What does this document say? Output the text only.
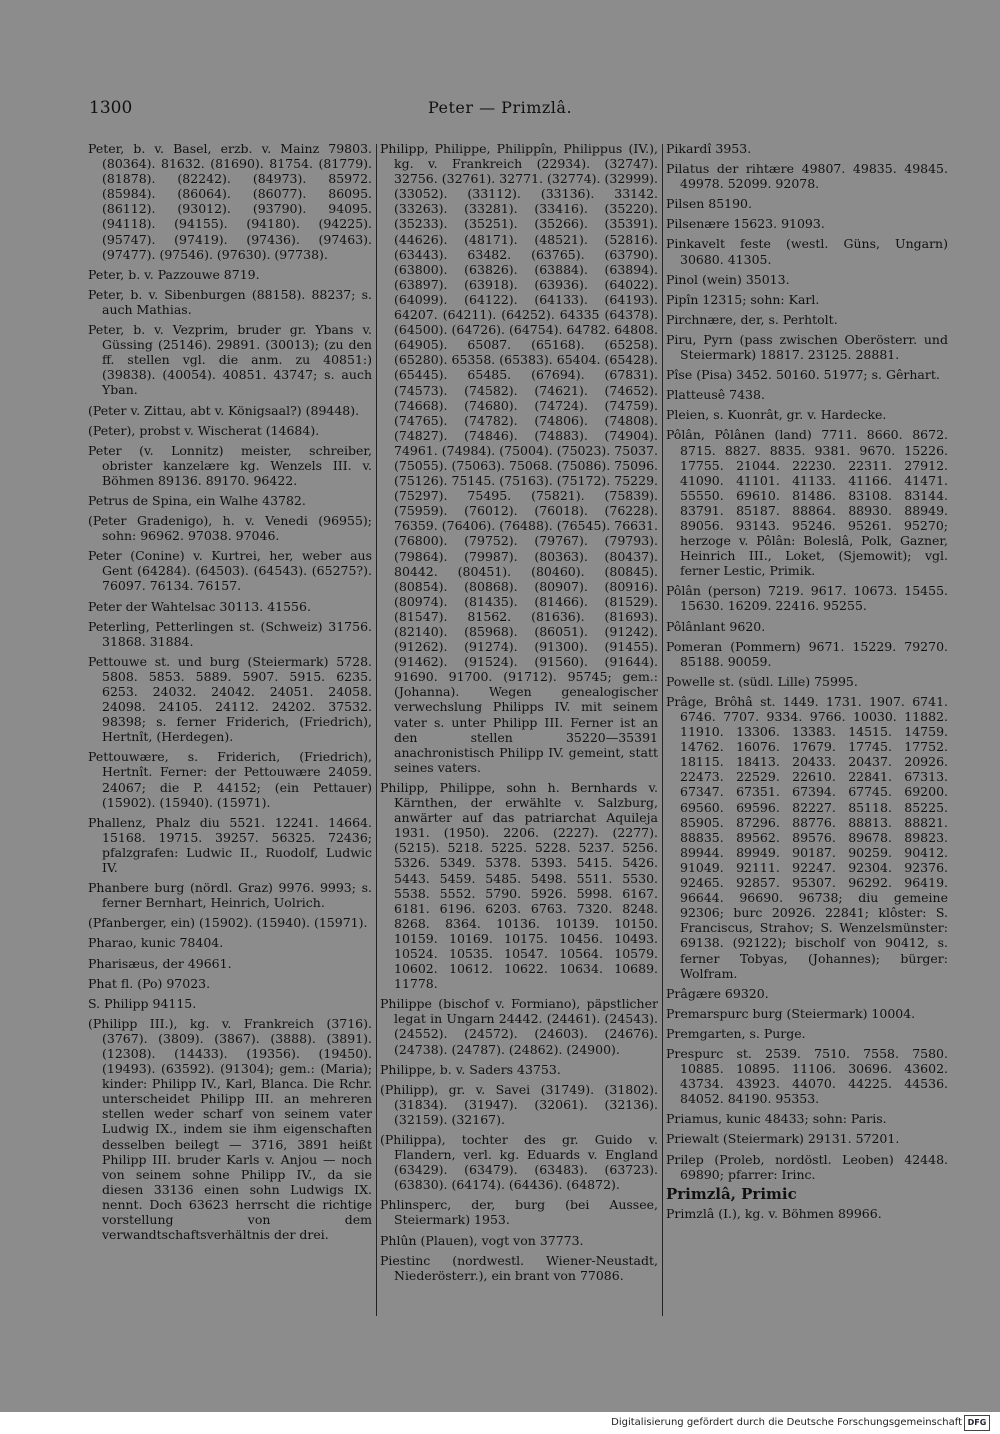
1300	Peter — Primzlâ.
Peter, b. v. Basel, erzb. v. Mainz 79803. (80364). 81632. (81690). 81754. (81779). (81878). (82242). (84973). 85972. (85984). (86064). (86077). 86095. (86112). (93012). (93790). 94095. (94118). (94155). (94180). (94225). (95747). (97419). (97436). (97463). (97477). (97546). (97630). (97738).
Peter, b. v. Pazzouwe 8719.
Peter, b. v. Sibenburgen (88158). 88237; s. auch Mathias.
Peter, b. v. Vezprim, bruder gr. Ybans v. Güssing (25146). 29891. (30013); (zu den ff. stellen vgl. die anm. zu 40851:) (39838). (40054). 40851. 43747; s. auch Yban.
(Peter v. Zittau, abt v. Königsaal?) (89448).
(Peter), probst v. Wischerat (14684).
Peter (v. Lonnitz) meister, schreiber, obrister kanzelære kg. Wenzels III. v. Böhmen 89136. 89170. 96422.
Petrus de Spina, ein Walhe 43782.
(Peter Gradenigo), h. v. Venedi (96955); sohn: 96962. 97038. 97046.
Peter (Conine) v. Kurtrei, her, weber aus Gent (64284). (64503). (64543). (65275?). 76097. 76134. 76157.
Peter der Wahtelsac 30113. 41556.
Peterling, Petterlingen st. (Schweiz) 31756. 31868. 31884.
Pettouwe st. und burg (Steiermark) 5728. 5808. 5853. 5889. 5907. 5915. 6235. 6253. 24032. 24042. 24051. 24058. 24098. 24105. 24112. 24202. 37532. 98398; s. ferner Friderich, (Friedrich), Hertnît, (Herdegen).
Pettouwære, s. Friderich, (Friedrich), Hertnît. Ferner: der Pettouwære 24059. 24067; die P. 44152; (ein Pettauer) (15902). (15940). (15971).
Phallenz, Phalz diu 5521. 12241. 14664. 15168. 19715. 39257. 56325. 72436; pfalzgrafen: Ludwic II., Ruodolf, Ludwic IV.
Phanbere burg (nördl. Graz) 9976. 9993; s. ferner Bernhart, Heinrich, Uolrich.
(Pfanberger, ein) (15902). (15940). (15971).
Pharao, kunic 78404.
Pharisæus, der 49661.
Phat fl. (Po) 97023.
S. Philipp 94115.
(Philipp III.), kg. v. Frankreich (3716). (3767). (3809). (3867). (3888). (3891). (12308). (14433). (19356). (19450). (19493). (63592). (91304); gem.: (Maria); kinder: Philipp IV., Karl, Blanca. Die Rchr. unterscheidet Philipp III. an mehreren stellen weder scharf von seinem vater Ludwig IX., indem sie ihm eigenschaften desselben beilegt — 3716, 3891 heißt Philipp III. bruder Karls v. Anjou — noch von seinem sohne Philipp IV., da sie diesen 33136 einen sohn Ludwigs IX. nennt. Doch 63623 herrscht die richtige vorstellung von dem verwandtschaftsverhältnis der drei.
Philipp, Philippe, Philippîn, Philippus (IV.), kg. v. Frankreich (22934). (32747). 32756. (32761). 32771. (32774). (32999). (33052). (33112). (33136). 33142. (33263). (33281). (33416). (35220). (35233). (35251). (35266). (35391). (44626). (48171). (48521). (52816). (63443). 63482. (63765). (63790). (63800). (63826). (63884). (63894). (63897). (63918). (63936). (64022). (64099). (64122). (64133). (64193). 64207. (64211). (64252). 64335 (64378). (64500). (64726). (64754). 64782. 64808. (64905). 65087. (65168). (65258). (65280). 65358. (65383). 65404. (65428). (65445). 65485. (67694). (67831). (74573). (74582). (74621). (74652). (74668). (74680). (74724). (74759). (74765). (74782). (74806). (74808). (74827). (74846). (74883). (74904). 74961. (74984). (75004). (75023). 75037. (75055). (75063). 75068. (75086). 75096. (75126). 75145. (75163). (75172). 75229. (75297). 75495. (75821). (75839). (75959). (76012). (76018). (76228). 76359. (76406). (76488). (76545). 76631. (76800). (79752). (79767). (79793). (79864). (79987). (80363). (80437). 80442. (80451). (80460). (80845). (80854). (80868). (80907). (80916). (80974). (81435). (81466). (81529). (81547). 81562. (81636). (81693). (82140). (85968). (86051). (91242). (91262). (91274). (91300). (91455). (91462). (91524). (91560). (91644). 91690. 91700. (91712). 95745; gem.: (Johanna). Wegen genealogischer verwechslung Philipps IV. mit seinem vater s. unter Philipp III. Ferner ist an den stellen 35220—35391 anachronistisch Philipp IV. gemeint, statt seines vaters.
Philipp, Philippe, sohn h. Bernhards v. Kärnthen, der erwählte v. Salzburg, anwärter auf das patriarchat Aquileja 1931. (1950). 2206. (2227). (2277). (5215). 5218. 5225. 5228. 5237. 5256. 5326. 5349. 5378. 5393. 5415. 5426. 5443. 5459. 5485. 5498. 5511. 5530. 5538. 5552. 5790. 5926. 5998. 6167. 6181. 6196. 6203. 6763. 7320. 8248. 8268. 8364. 10136. 10139. 10150. 10159. 10169. 10175. 10456. 10493. 10524. 10535. 10547. 10564. 10579. 10602. 10612. 10622. 10634. 10689. 11778.
Philippe (bischof v. Formiano), päpstlicher legat in Ungarn 24442. (24461). (24543). (24552). (24572). (24603). (24676). (24738). (24787). (24862). (24900).
Philippe, b. v. Saders 43753.
(Philipp), gr. v. Savei (31749). (31802). (31834). (31947). (32061). (32136). (32159). (32167).
(Philippa), tochter des gr. Guido v. Flandern, verl. kg. Eduards v. England (63429). (63479). (63483). (63723). (63830). (64174). (64436). (64872).
Phlinsperc, der, burg (bei Aussee, Steiermark) 1953.
Phlûn (Plauen), vogt von 37773.
Piestinc (nordwestl. Wiener-Neustadt, Niederösterr.), ein brant von 77086.
Pikardî 3953.
Pilatus der rihtære 49807. 49835. 49845. 49978. 52099. 92078.
Pilsen 85190.
Pilsenære 15623. 91093.
Pinkavelt feste (westl. Güns, Ungarn) 30680. 41305.
Pinol (wein) 35013.
Pipîn 12315; sohn: Karl.
Pirchnære, der, s. Perhtolt.
Piru, Pyrn (pass zwischen Oberösterr. und Steiermark) 18817. 23125. 28881.
Pîse (Pisa) 3452. 50160. 51977; s. Gêrhart.
Platteusê 7438.
Pleien, s. Kuonrât, gr. v. Hardecke.
Pôlân, Pôlânen (land) 7711. 8660. 8672. 8715. 8827. 8835. 9381. 9670. 15226. 17755. 21044. 22230. 22311. 27912. 41090. 41101. 41133. 41166. 41471. 55550. 69610. 81486. 83108. 83144. 83791. 85187. 88864. 88930. 88949. 89056. 93143. 95246. 95261. 95270; herzoge v. Pôlân: Boleslâ, Polk, Gazner, Heinrich III., Loket, (Sjemowit); vgl. ferner Lestic, Primik.
Pôlân (person) 7219. 9617. 10673. 15455. 15630. 16209. 22416. 95255.
Pôlânlant 9620.
Pomeran (Pommern) 9671. 15229. 79270. 85188. 90059.
Powelle st. (südl. Lille) 75995.
Prâge, Brôhâ st. 1449. 1731. 1907. 6741. 6746. 7707. 9334. 9766. 10030. 11882. 11910. 13306. 13383. 14515. 14759. 14762. 16076. 17679. 17745. 17752. 18115. 18413. 20433. 20437. 20926. 22473. 22529. 22610. 22841. 67313. 67347. 67351. 67394. 67745. 69200. 69560. 69596. 82227. 85118. 85225. 85905. 87296. 88776. 88813. 88821. 88835. 89562. 89576. 89678. 89823. 89944. 89949. 90187. 90259. 90412. 91049. 92111. 92247. 92304. 92376. 92465. 92857. 95307. 96292. 96419. 96644. 96690. 96738; diu gemeine 92306; burc 20926. 22841; klôster: S. Franciscus, Strahov; S. Wenzelsmünster: 69138. (92122); bischolf von 90412, s. ferner Tobyas, (Johannes); bürger: Wolfram.
Prâgære 69320.
Premarspurc burg (Steiermark) 10004.
Premgarten, s. Purge.
Prespurc st. 2539. 7510. 7558. 7580. 10885. 10895. 11106. 30696. 43602. 43734. 43923. 44070. 44225. 44536. 84052. 84190. 95353.
Priamus, kunic 48433; sohn: Paris.
Priewalt (Steiermark) 29131. 57201.
Prilep (Proleb, nordöstl. Leoben) 42448. 69890; pfarrer: Irinc.
Primzlâ, Primic
Primzlâ (I.), kg. v. Böhmen 89966.
Digitalisierung gefördert durch die Deutsche Forschungsgemeinschaft DFG
